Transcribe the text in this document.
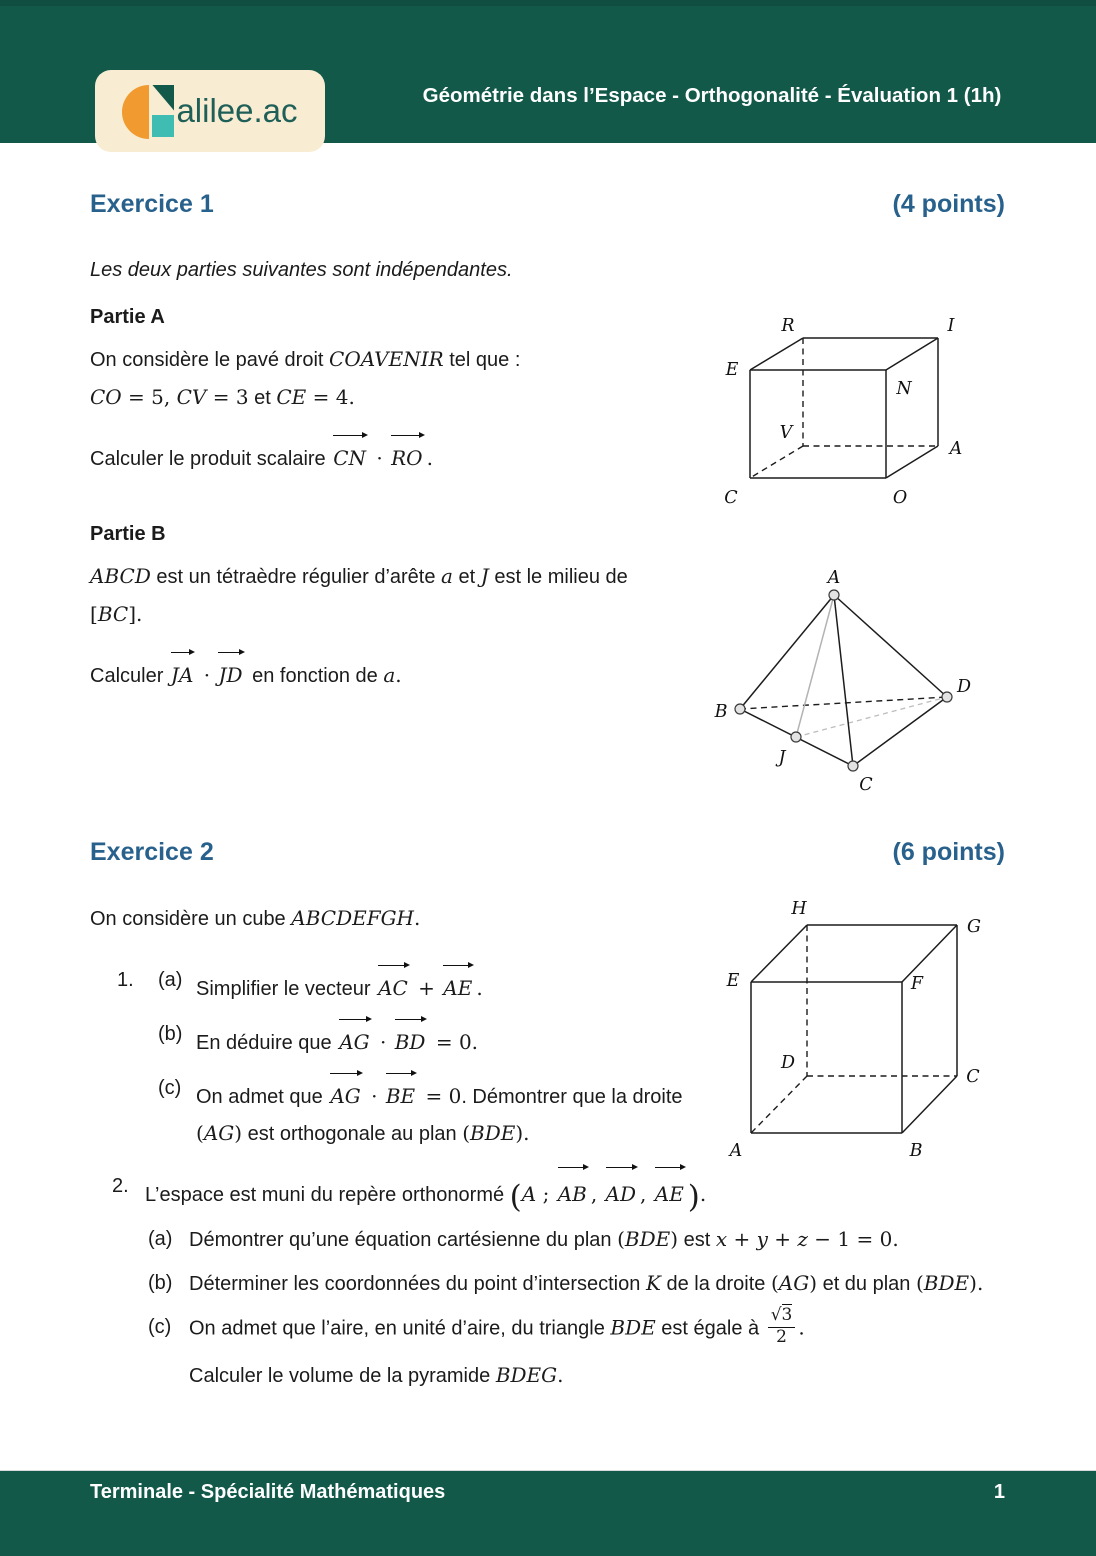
alilee.ac	Géométrie dans l’Espace - Orthogonalité - Évaluation 1 (1h)
Exercice 1	(4 points)
Les deux parties suivantes sont indépendantes.
Partie A
On considère le pavé droit COAVENIR tel que :
CO = 5, CV = 3 et CE = 4.
Calculer le produit scalaire
CN ·
RO .
R	I
E
N
V
A
C	O
Partie B
ABCD est un tétraèdre régulier d’arête a et J est le milieu de [BC].
Calculer
JA ·
JD en fonction de a.
A
B
J
C
D
Exercice 2	(6 points)
On considère un cube ABCDEFGH.	H
G
E	F
D
C
A	B
1.	(a) Simplifier le vecteur
AC +
AE .
(b) En déduire que
AG ·
BD = 0.
(c) On admet que
AG ·
BE = 0. Démontrer que la droite (AG) est orthogonale au plan (BDE).
2. L’espace est muni du repère orthonormé (A ;
AB ,
AD ,
AE ).
(a) Démontrer qu’une équation cartésienne du plan (BDE) est x + y + z − 1 = 0.
(b) Déterminer les coordonnées du point d’intersection K de la droite (AG) et du plan (BDE).
(c) On admet que l’aire, en unité d’aire, du triangle BDE est égale à $\frac{√3}{2}$ .
Calculer le volume de la pyramide BDEG.
Terminale - Spécialité Mathématiques	1
